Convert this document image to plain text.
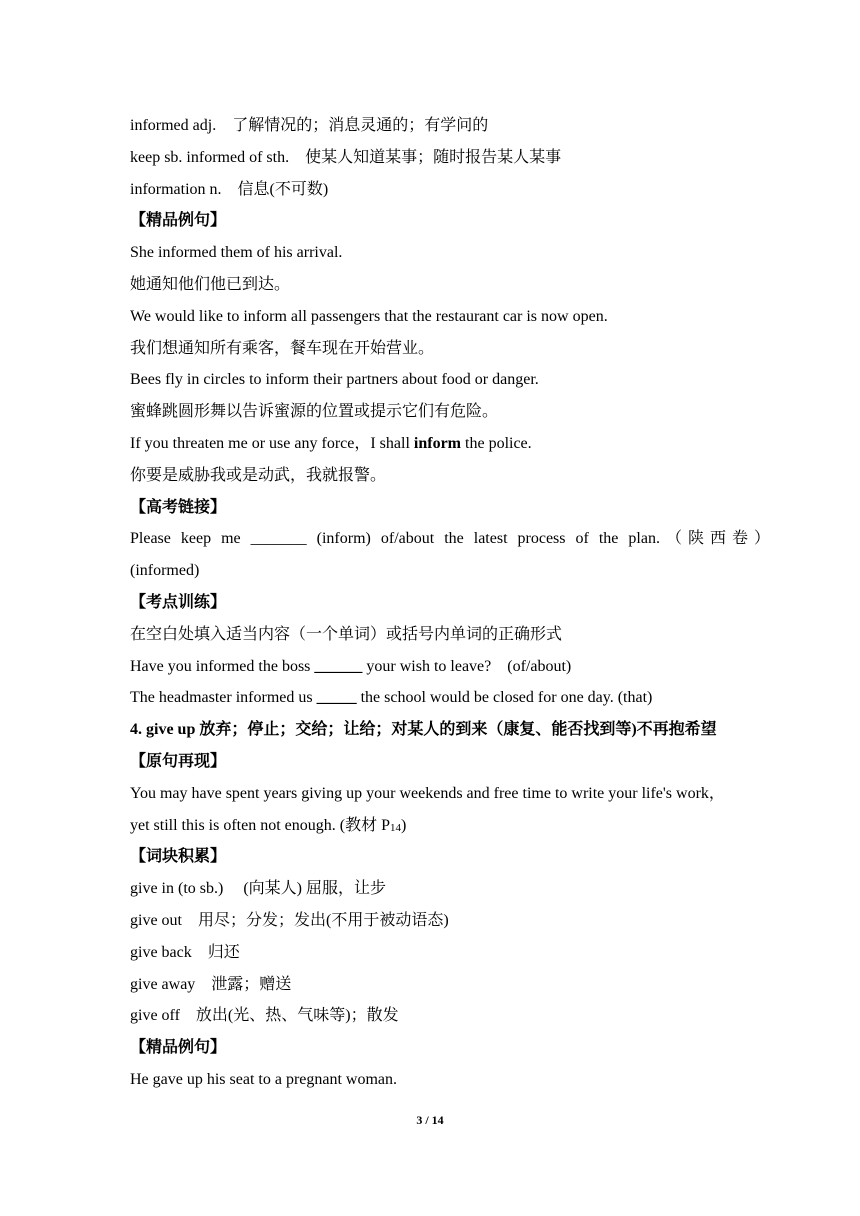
informed adj.　了解情况的；消息灵通的；有学问的
keep sb. informed of sth.　使某人知道某事；随时报告某人某事
information n.　信息(不可数)
【精品例句】
She informed them of his arrival.
她通知他们他已到达。
We would like to inform all passengers that the restaurant car is now open.
我们想通知所有乘客，餐车现在开始营业。
Bees fly in circles to inform their partners about food or danger.
蜜蜂跳圆形舞以告诉蜜源的位置或提示它们有危险。
If you threaten me or use any force，I shall inform the police.
你要是威胁我或是动武，我就报警。
【高考链接】
Please keep me _______ (inform) of/about the latest process of the plan.（陕西卷）
(informed)
【考点训练】
在空白处填入适当内容（一个单词）或括号内单词的正确形式
Have you informed the boss ______ your wish to leave?　(of/about)
The headmaster informed us _____ the school would be closed for one day. (that)
4. give up 放弃；停止；交给；让给；对某人的到来（康复、能否找到等)不再抱希望
【原句再现】
You may have spent years giving up your weekends and free time to write your life's work，
yet still this is often not enough. (教材 P14)
【词块积累】
give in (to sb.)　 (向某人) 屈服，让步
give out　用尽；分发；发出(不用于被动语态)
give back　归还
give away　泄露；赠送
give off　放出(光、热、气味等)；散发
【精品例句】
He gave up his seat to a pregnant woman.
3 / 14
